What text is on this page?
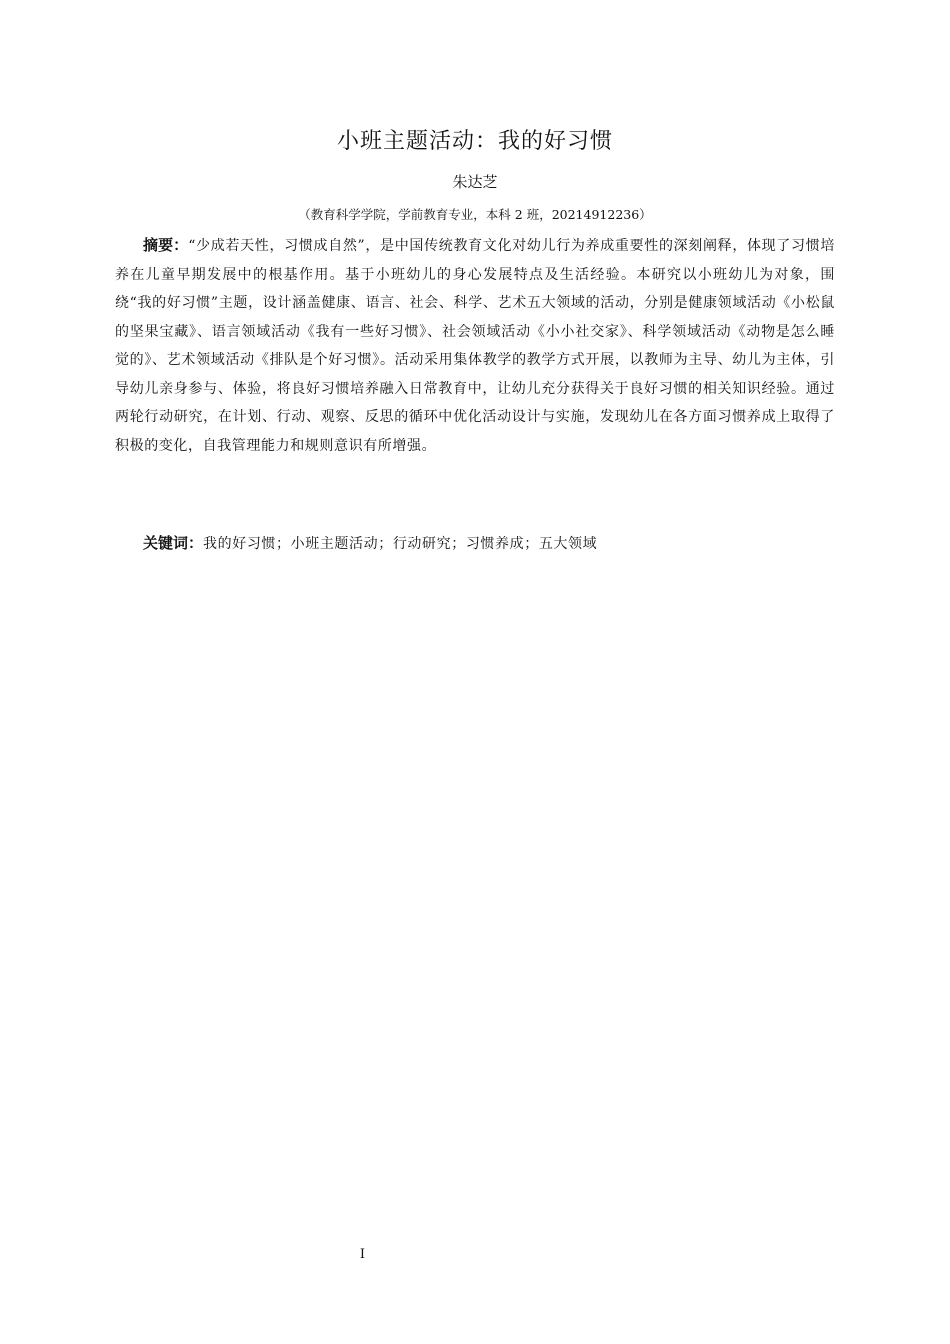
小班主题活动：我的好习惯
朱达芝
（教育科学学院，学前教育专业，本科 2 班，20214912236）

摘要：“少成若天性，习惯成自然”，是中国传统教育文化对幼儿行为养成重要性的深刻阐释，体现了习惯培养在儿童早期发展中的根基作用。基于小班幼儿的身心发展特点及生活经验。本研究以小班幼儿为对象，围绕“我的好习惯”主题，设计涵盖健康、语言、社会、科学、艺术五大领域的活动，分别是健康领域活动《小松鼠的坚果宝藏》、语言领域活动《我有一些好习惯》、社会领域活动《小小社交家》、科学领域活动《动物是怎么睡觉的》、艺术领域活动《排队是个好习惯》。活动采用集体教学的教学方式开展，以教师为主导、幼儿为主体，引导幼儿亲身参与、体验，将良好习惯培养融入日常教育中，让幼儿充分获得关于良好习惯的相关知识经验。通过两轮行动研究，在计划、行动、观察、反思的循环中优化活动设计与实施，发现幼儿在各方面习惯养成上取得了积极的变化，自我管理能力和规则意识有所增强。

关键词：我的好习惯；小班主题活动；行动研究；习惯养成；五大领域

I
